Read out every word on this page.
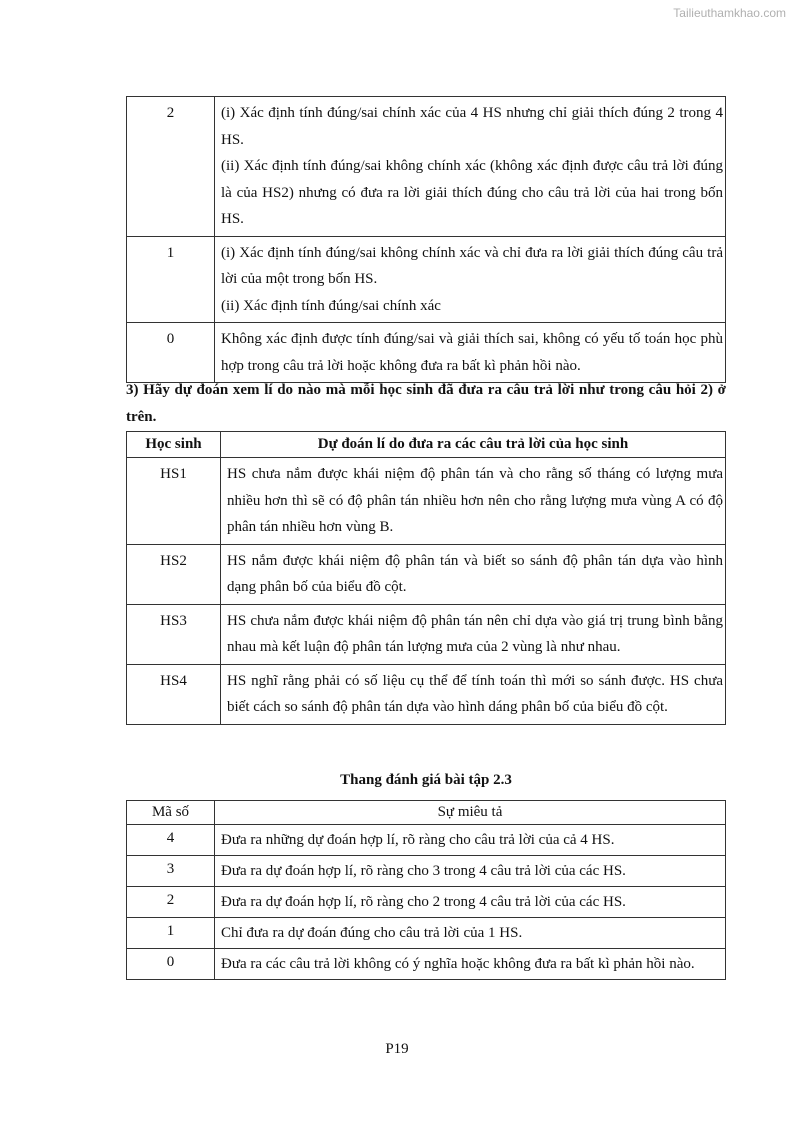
Tailieuthamkhao.com
2	(i) Xác định tính đúng/sai chính xác của 4 HS nhưng chỉ giải thích đúng 2 trong 4 HS.

(ii) Xác định tính đúng/sai không chính xác (không xác định được câu trả lời đúng là của HS2) nhưng có đưa ra lời giải thích đúng cho câu trả lời của hai trong bốn HS.

1	(i) Xác định tính đúng/sai không chính xác và chỉ đưa ra lời giải thích đúng câu trả lời của một trong bốn HS.

(ii) Xác định tính đúng/sai chính xác

0	Không xác định được tính đúng/sai và giải thích sai, không có yếu tố toán học phù hợp trong câu trả lời hoặc không đưa ra bất kì phản hồi nào.

3) Hãy dự đoán xem lí do nào mà mỗi học sinh đã đưa ra câu trả lời như trong câu hỏi 2) ở trên.
Học sinh	Dự đoán lí do đưa ra các câu trả lời của học sinh
HS1	HS chưa nắm được khái niệm độ phân tán và cho rằng số tháng có lượng mưa nhiều hơn thì sẽ có độ phân tán nhiều hơn nên cho rằng lượng mưa vùng A có độ phân tán nhiều hơn vùng B.
HS2	HS nắm được khái niệm độ phân tán và biết so sánh độ phân tán dựa vào hình dạng phân bố của biểu đồ cột.
HS3	HS chưa nắm được khái niệm độ phân tán nên chỉ dựa vào giá trị trung bình bằng nhau mà kết luận độ phân tán lượng mưa của 2 vùng là như nhau.
HS4	HS nghĩ rằng phải có số liệu cụ thể để tính toán thì mới so sánh được. HS chưa biết cách so sánh độ phân tán dựa vào hình dáng phân bố của biểu đồ cột.
Thang đánh giá bài tập 2.3
Mã số	Sự miêu tả
4	Đưa ra những dự đoán hợp lí, rõ ràng cho câu trả lời của cả 4 HS.
3	Đưa ra dự đoán hợp lí, rõ ràng cho 3 trong 4 câu trả lời của các HS.
2	Đưa ra dự đoán hợp lí, rõ ràng cho 2 trong 4 câu trả lời của các HS.
1	Chỉ đưa ra dự đoán đúng cho câu trả lời của 1 HS.
0	Đưa ra các câu trả lời không có ý nghĩa hoặc không đưa ra bất kì phản hồi nào.
P19
